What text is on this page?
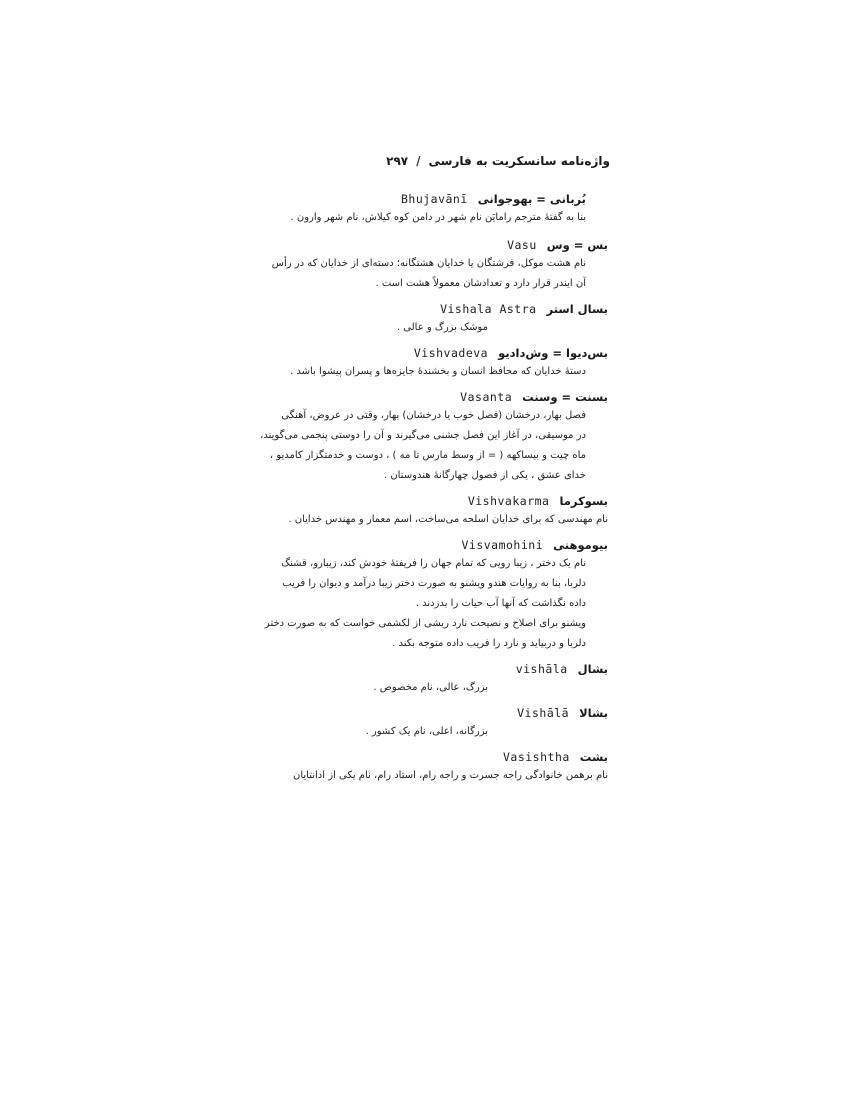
واژه‌نامه سانسکریت به فارسی
/
۲۹۷
بُربانی = بهوجوانی
Bhujavānī
بنا به گفته‌ٔ مترجم رامایَن نام شهر در دامن کوه کیلاش، نام شهر وارون .
بس = وس
Vasu
نام هشت موکل، فرشتگان یا خدایان هشتگانه؛ دسته‌ای از خدایان که در رأس
آن ایندر قرار دارد و تعدادشان معمولاً هشت است .
بسال استر
Vishala Astra
موشک بزرگ و عالی .
بس‌دیوا = وش‌دادیو
Vishvadeva
دستهٔ خدایان که محافظ انسان و بخشندهٔ جایزه‌ها و پسران پیشوا باشد .
بسنت = وسنت
Vasanta
فصل بهار، درخشان (فصل خوب یا درخشان) بهار، وقتی در عروض، آهنگی
در موسیقی، در آغاز این فصل جشنی می‌گیرند و آن را دوستی پنجمی می‌گویند،
ماه چیت و بیساکهه ( = از وسط مارس تا مه ) ، دوست و خدمتگزار کامدیو ،
خدای عشق ، یکی از فصول چهارگانهٔ هندوستان .
بسوکرما
Vishvakarma
نام مهندسی که برای خدایان اسلحه می‌ساخت، اسم معمار و مهندس خدایان .
بیوموهنی
Visvamohini
نام یک دختر ، زیبا رویی که تمام جهان را فریفتهٔ خودش کند، زیبارو، قشنگ
دلربا، بنا به روایات هندو ویشنو به صورت دختر زیبا درآمد و دیوان را فریب
داده نگذاشت که آنها آب حیات را بدزدند .
ویشنو برای اصلاح و نصیحت نارد ریشی از لکشمی خواست که به صورت دختر
دلربا و دربیاید و نارد را فریب داده متوجه بکند .
بشال
vishāla
بزرگ، عالی، نام مخصوص .
بشالا
Vishālā
بزرگانه، اعلی، نام یک کشور .
بشت
Vasishtha
نام برهمن خانوادگی راجه جسرت و راجه رام، استاد رام، نام یکی از ادانتایان
